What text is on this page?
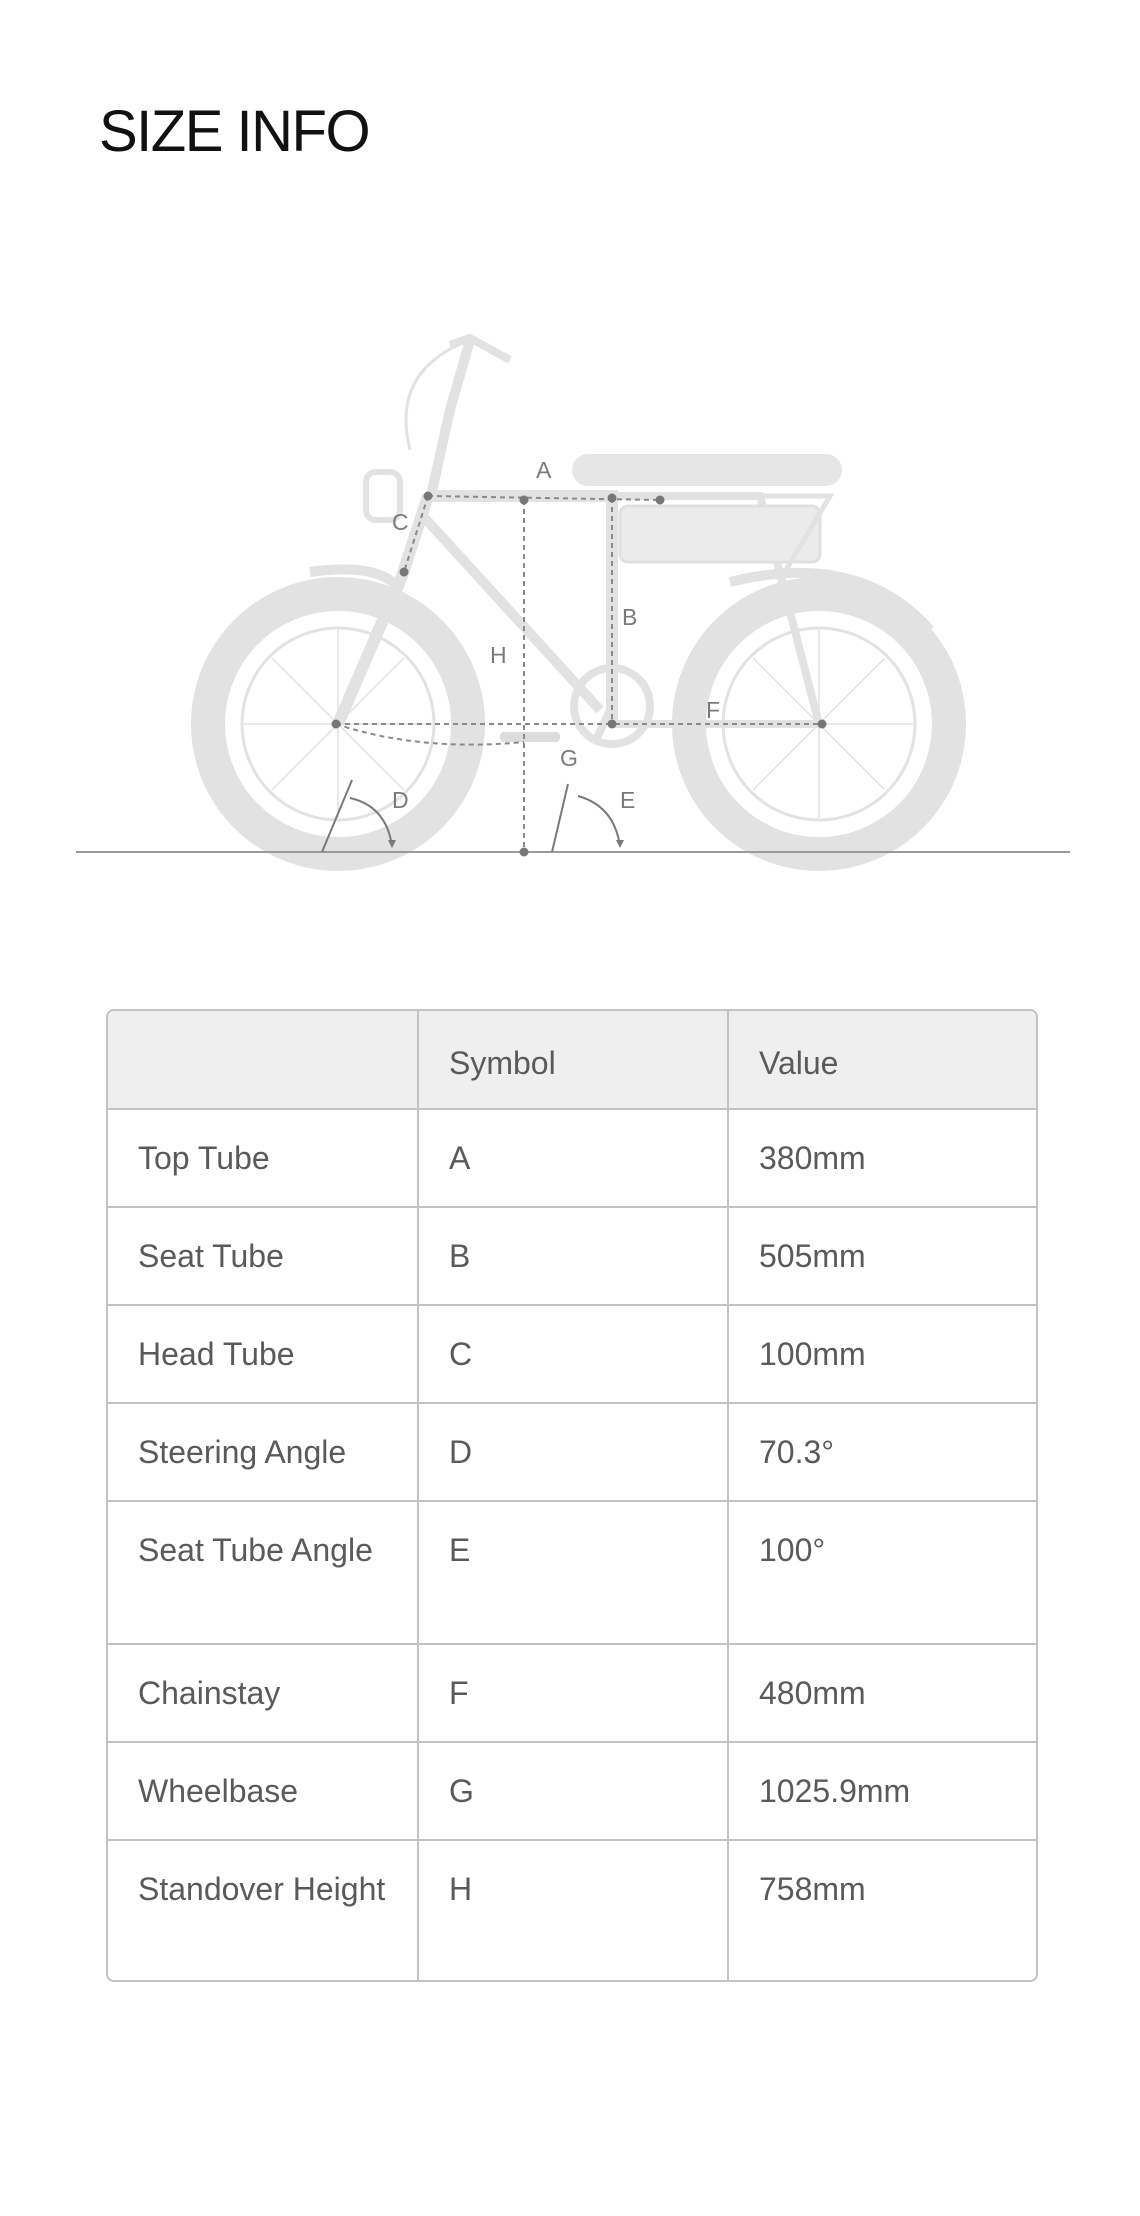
SIZE INFO
A
B
C
D	E
F
G
H
	Symbol	Value
Top Tube	A	380mm
Seat Tube	B	505mm
Head Tube	C	100mm
Steering Angle	D	70.3°
Seat Tube Angle	E	100°
Chainstay	F	480mm
Wheelbase	G	1025.9mm
Standover Height	H	758mm
